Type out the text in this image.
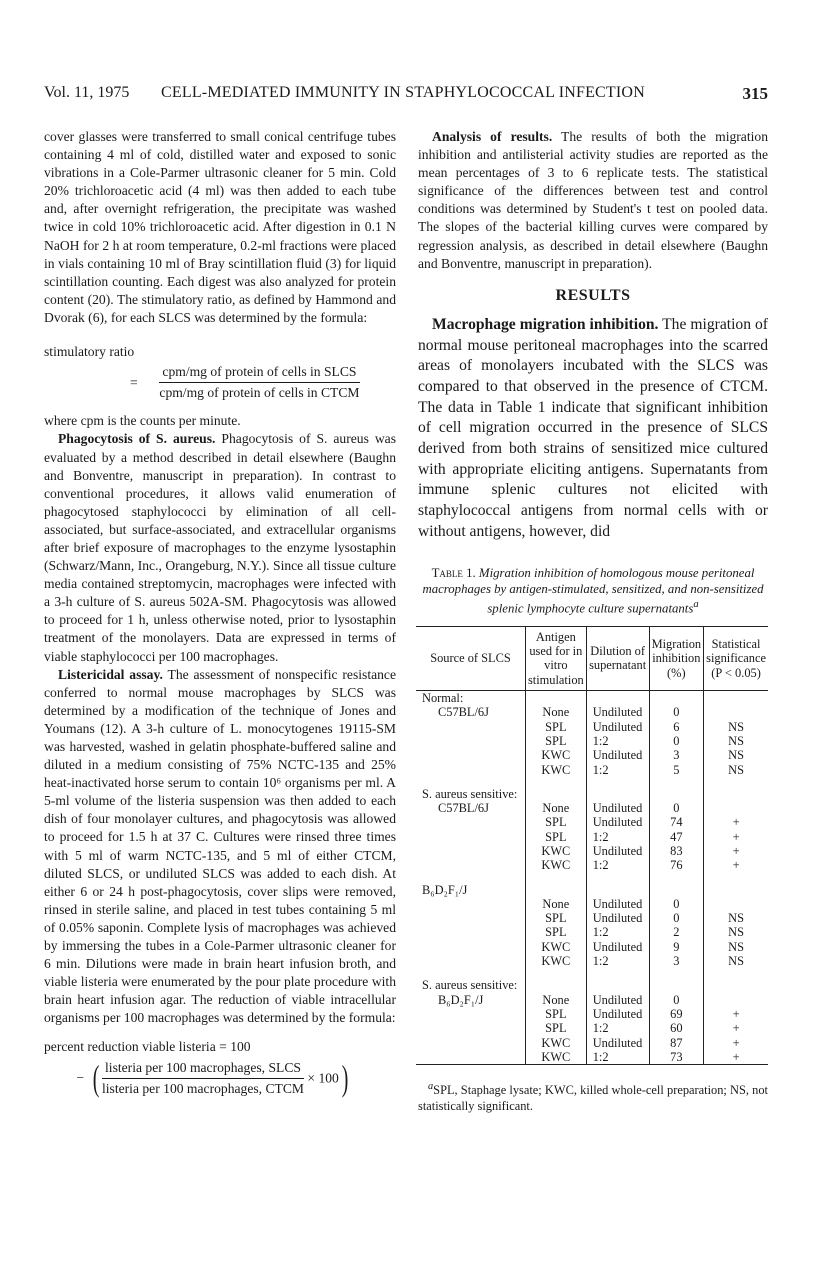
Vol. 11, 1975 CELL-MEDIATED IMMUNITY IN STAPHYLOCOCCAL INFECTION	315

cover glasses were transferred to small conical centrifuge tubes containing 4 ml of cold, distilled water and exposed to sonic vibrations in a Cole-Parmer ultrasonic cleaner for 5 min. Cold 20% trichloroacetic acid (4 ml) was then added to each tube and, after overnight refrigeration, the precipitate was washed twice in cold 10% trichloroacetic acid. After digestion in 0.1 N NaOH for 2 h at room temperature, 0.2-ml fractions were placed in vials containing 10 ml of Bray scintillation fluid (3) for liquid scintillation counting. Each digest was also analyzed for protein content (20). The stimulatory ratio, as defined by Hammond and Dvorak (6), for each SLCS was determined by the formula:

stimulatory ratio

= $\frac{\text{cpm/mg of protein of cells in SLCS}}{\text{cpm/mg of protein of cells in CTCM}}$

where cpm is the counts per minute.

Phagocytosis of S. aureus. Phagocytosis of S. aureus was evaluated by a method described in detail elsewhere (Baughn and Bonventre, manuscript in preparation). In contrast to conventional procedures, it allows valid enumeration of phagocytosed staphylococci by elimination of all cell-associated, but surface-associated, and extracellular organisms after brief exposure of macrophages to the enzyme lysostaphin (Schwarz/Mann, Inc., Orangeburg, N.Y.). Since all tissue culture media contained streptomycin, macrophages were infected with a 3-h culture of S. aureus 502A-SM. Phagocytosis was allowed to proceed for 1 h, unless otherwise noted, prior to lysostaphin treatment of the monolayers. Data are expressed in terms of viable staphylococci per 100 macrophages.

Listericidal assay. The assessment of nonspecific resistance conferred to normal mouse macrophages by SLCS was determined by a modification of the technique of Jones and Youmans (12). A 3-h culture of L. monocytogenes 19115-SM was harvested, washed in gelatin phosphate-buffered saline and diluted in a medium consisting of 75% NCTC-135 and 25% heat-inactivated horse serum to contain 10⁶ organisms per ml. A 5-ml volume of the listeria suspension was then added to each dish of four monolayer cultures, and phagocytosis was allowed to proceed for 1.5 h at 37 C. Cultures were rinsed three times with 5 ml of warm NCTC-135, and 5 ml of either CTCM, diluted SLCS, or undiluted SLCS was added to each dish. At either 6 or 24 h post-phagocytosis, cover slips were removed, rinsed in sterile saline, and placed in test tubes containing 5 ml of 0.05% saponin. Complete lysis of macrophages was achieved by immersing the tubes in a Cole-Parmer ultrasonic cleaner for 6 min. Dilutions were made in brain heart infusion broth, and viable listeria were enumerated by the pour plate procedure with brain heart infusion agar. The reduction of viable intracellular organisms per 100 macrophages was determined by the formula:

percent reduction viable listeria = 100
− ( $\frac{\text{listeria per 100 macrophages, SLCS}}{\text{listeria per 100 macrophages, CTCM}} \times 100$)

Analysis of results. The results of both the migration inhibition and antilisterial activity studies are reported as the mean percentages of 3 to 6 replicate tests. The statistical significance of the differences between test and control conditions was determined by Student's t test on pooled data. The slopes of the bacterial killing curves were compared by regression analysis, as described in detail elsewhere (Baughn and Bonventre, manuscript in preparation).

RESULTS

Macrophage migration inhibition. The migration of normal mouse peritoneal macrophages into the scarred areas of monolayers incubated with the SLCS was compared to that observed in the presence of CTCM. The data in Table 1 indicate that significant inhibition of cell migration occurred in the presence of SLCS derived from both strains of sensitized mice cultured with appropriate eliciting antigens. Supernatants from immune splenic cultures not elicited with staphylococcal antigens from normal cells with or without antigens, however, did

Table 1. Migration inhibition of homologous mouse peritoneal macrophages by antigen-stimulated, sensitized, and non-sensitized splenic lymphocyte culture supernatants$^a$
Source of SLCS	Antigen used for in vitro stimulation	Dilution of supernatant	Migration inhibition (%)	Statistical significance (P < 0.05)
Normal:				
C57BL/6J	None	Undiluted	0	
	SPL	Undiluted	6	NS
	SPL	1:2	0	NS
	KWC	Undiluted	3	NS
	KWC	1:2	5	NS

S. aureus sensitive:				
C57BL/6J	None	Undiluted	0	
	SPL	Undiluted	74	+
	SPL	1:2	47	+
	KWC	Undiluted	83	+
	KWC	1:2	76	+

B₆D₂F₁/J				
	None	Undiluted	0	
	SPL	Undiluted	0	NS
	SPL	1:2	2	NS
	KWC	Undiluted	9	NS
	KWC	1:2	3	NS

S. aureus sensitive:				
B₆D₂F₁/J	None	Undiluted	0	
	SPL	Undiluted	69	+
	SPL	1:2	60	+
	KWC	Undiluted	87	+
	KWC	1:2	73	+

$^a$SPL, Staphage lysate; KWC, killed whole-cell preparation; NS, not statistically significant.
